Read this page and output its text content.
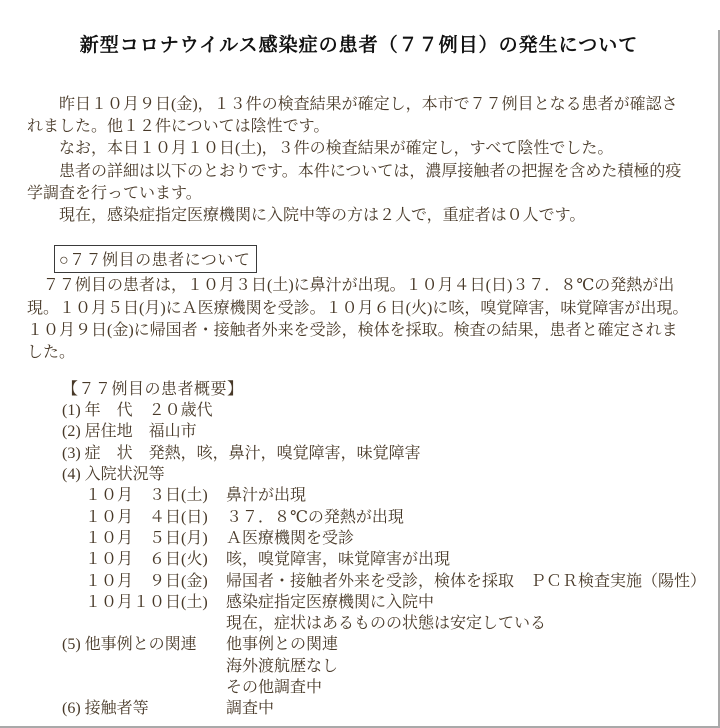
新型コロナウイルス感染症の患者（７７例目）の発生について

昨日１０月９日(金)，１３件の検査結果が確定し，本市で７７例目となる患者が確認されました。他１２件については陰性です。

なお，本日１０月１０日(土)，３件の検査結果が確定し，すべて陰性でした。

患者の詳細は以下のとおりです。本件については，濃厚接触者の把握を含めた積極的疫学調査を行っています。

現在，感染症指定医療機関に入院中等の方は２人で，重症者は０人です。

○７７例目の患者について

７７例目の患者は，１０月３日(土)に鼻汁が出現。１０月４日(日)３７．８℃の発熱が出現。１０月５日(月)にＡ医療機関を受診。１０月６日(火)に咳，嗅覚障害，味覚障害が出現。１０月９日(金)に帰国者・接触者外来を受診，検体を採取。検査の結果，患者と確定されました。

【７７例目の患者概要】
(1) 年　代　２０歳代
(2) 居住地　福山市
(3) 症　状　発熱，咳，鼻汁，嗅覚障害，味覚障害
(4) 入院状況等
１０月　３日(土)	鼻汁が出現
１０月　４日(日)	３７．８℃の発熱が出現
１０月　５日(月)	Ａ医療機関を受診
１０月　６日(火)	咳，嗅覚障害，味覚障害が出現
１０月　９日(金)	帰国者・接触者外来を受診，検体を採取　ＰＣＲ検査実施（陽性）
１０月１０日(土)	感染症指定医療機関に入院中
現在，症状はあるものの状態は安定している
(5) 他事例との関連	他事例との関連
海外渡航歴なし
その他調査中
(6) 接触者等	調査中
